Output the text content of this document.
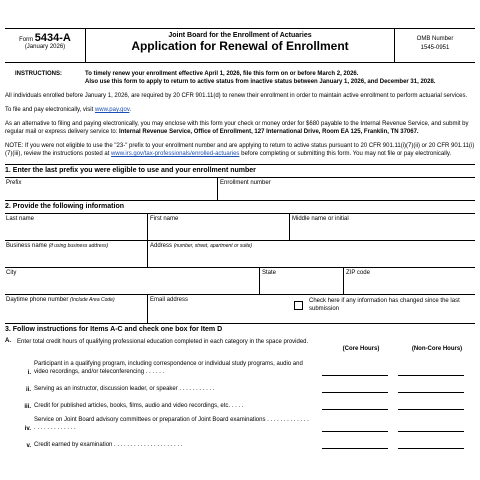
Form 5434-A
(January 2026)
Joint Board for the Enrollment of Actuaries
Application for Renewal of Enrollment	OMB Number
1545-0951
INSTRUCTIONS:	To timely renew your enrollment effective April 1, 2026, file this form on or before March 2, 2026.
Also use this form to apply to return to active status from inactive status between January 1, 2026, and December 31, 2028.

All individuals enrolled before January 1, 2026, are required by 20 CFR 901.11(d) to renew their enrollment in order to maintain active enrollment to perform actuarial services.

To file and pay electronically, visit www.pay.gov.

As an alternative to filing and paying electronically, you may enclose with this form your check or money order for $680 payable to the Internal Revenue Service, and submit by regular mail or express delivery service to: Internal Revenue Service, Office of Enrollment, 127 International Drive, Room EA 125, Franklin, TN 37067.

NOTE: If you were not eligible to use the "23-" prefix to your enrollment number and are applying to return to active status pursuant to 20 CFR 901.11(i)(7)(ii) or 20 CFR 901.11(i)(7)(iii), review the instructions posted at www.irs.gov/tax-professionals/enrolled-actuaries before completing or submitting this form. You may not file or pay electronically.

1. Enter the last prefix you were eligible to use and your enrollment number
Prefix	Enrollment number
2. Provide the following information
Last name	First name	Middle name or initial
Business name (if using business address)	Address (number, street, apartment or suite)
City	State	ZIP code
Daytime phone number (Include Area Code)	Email address	Check here if any information has changed since the last submission
3. Follow instructions for Items A-C and check one box for Item D
A.	Enter total credit hours of qualifying professional education completed in each category in the space provided.
(Core Hours)	(Non-Core Hours)
i.
Participant in a qualifying program, including correspondence or individual study programs, audio and video recordings, and/or teleconferencing . . . . . .
ii. Serving as an instructor, discussion leader, or speaker . . . . . . . . . . .
iii. Credit for published articles, books, films, audio and video recordings, etc. . . . .
iv.
Service on Joint Board advisory committees or preparation of Joint Board examinations . . . . . . . . . . . . . . . . . . . . . . . . . .
v. Credit earned by examination . . . . . . . . . . . . . . . . . . . . .
